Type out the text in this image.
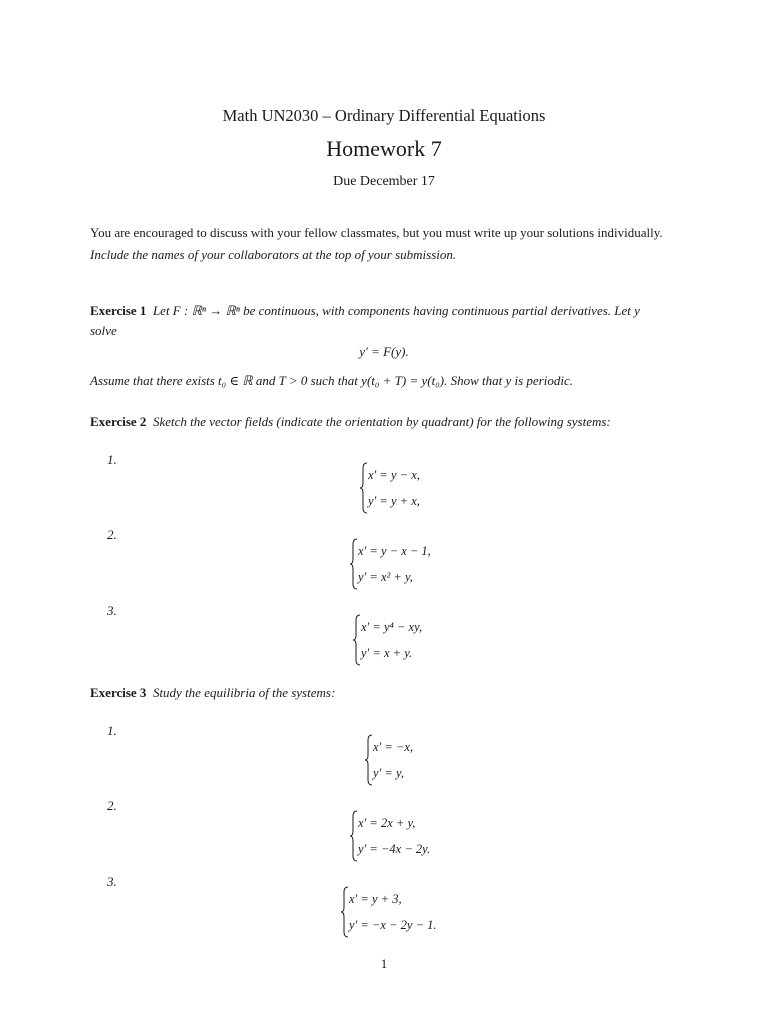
Math UN2030 – Ordinary Differential Equations
Homework 7
Due December 17
You are encouraged to discuss with your fellow classmates, but you must write up your solutions individually.
Include the names of your collaborators at the top of your submission.
Exercise 1 Let F : ℝⁿ → ℝⁿ be continuous, with components having continuous partial derivatives. Let y
solve
y′ = F(y).
Assume that there exists t₀ ∈ ℝ and T > 0 such that y(t₀ + T) = y(t₀). Show that y is periodic.
Exercise 2 Sketch the vector fields (indicate the orientation by quadrant) for the following systems:
1.
x′ = y − x,
y′ = y + x,
2.
x′ = y − x − 1,
y′ = x² + y,
3.
x′ = y⁴ − xy,
y′ = x + y.
Exercise 3 Study the equilibria of the systems:
1.
x′ = −x,
y′ = y,
2.
x′ = 2x + y,
y′ = −4x − 2y.
3.
x′ = y + 3,
y′ = −x − 2y − 1.
1
